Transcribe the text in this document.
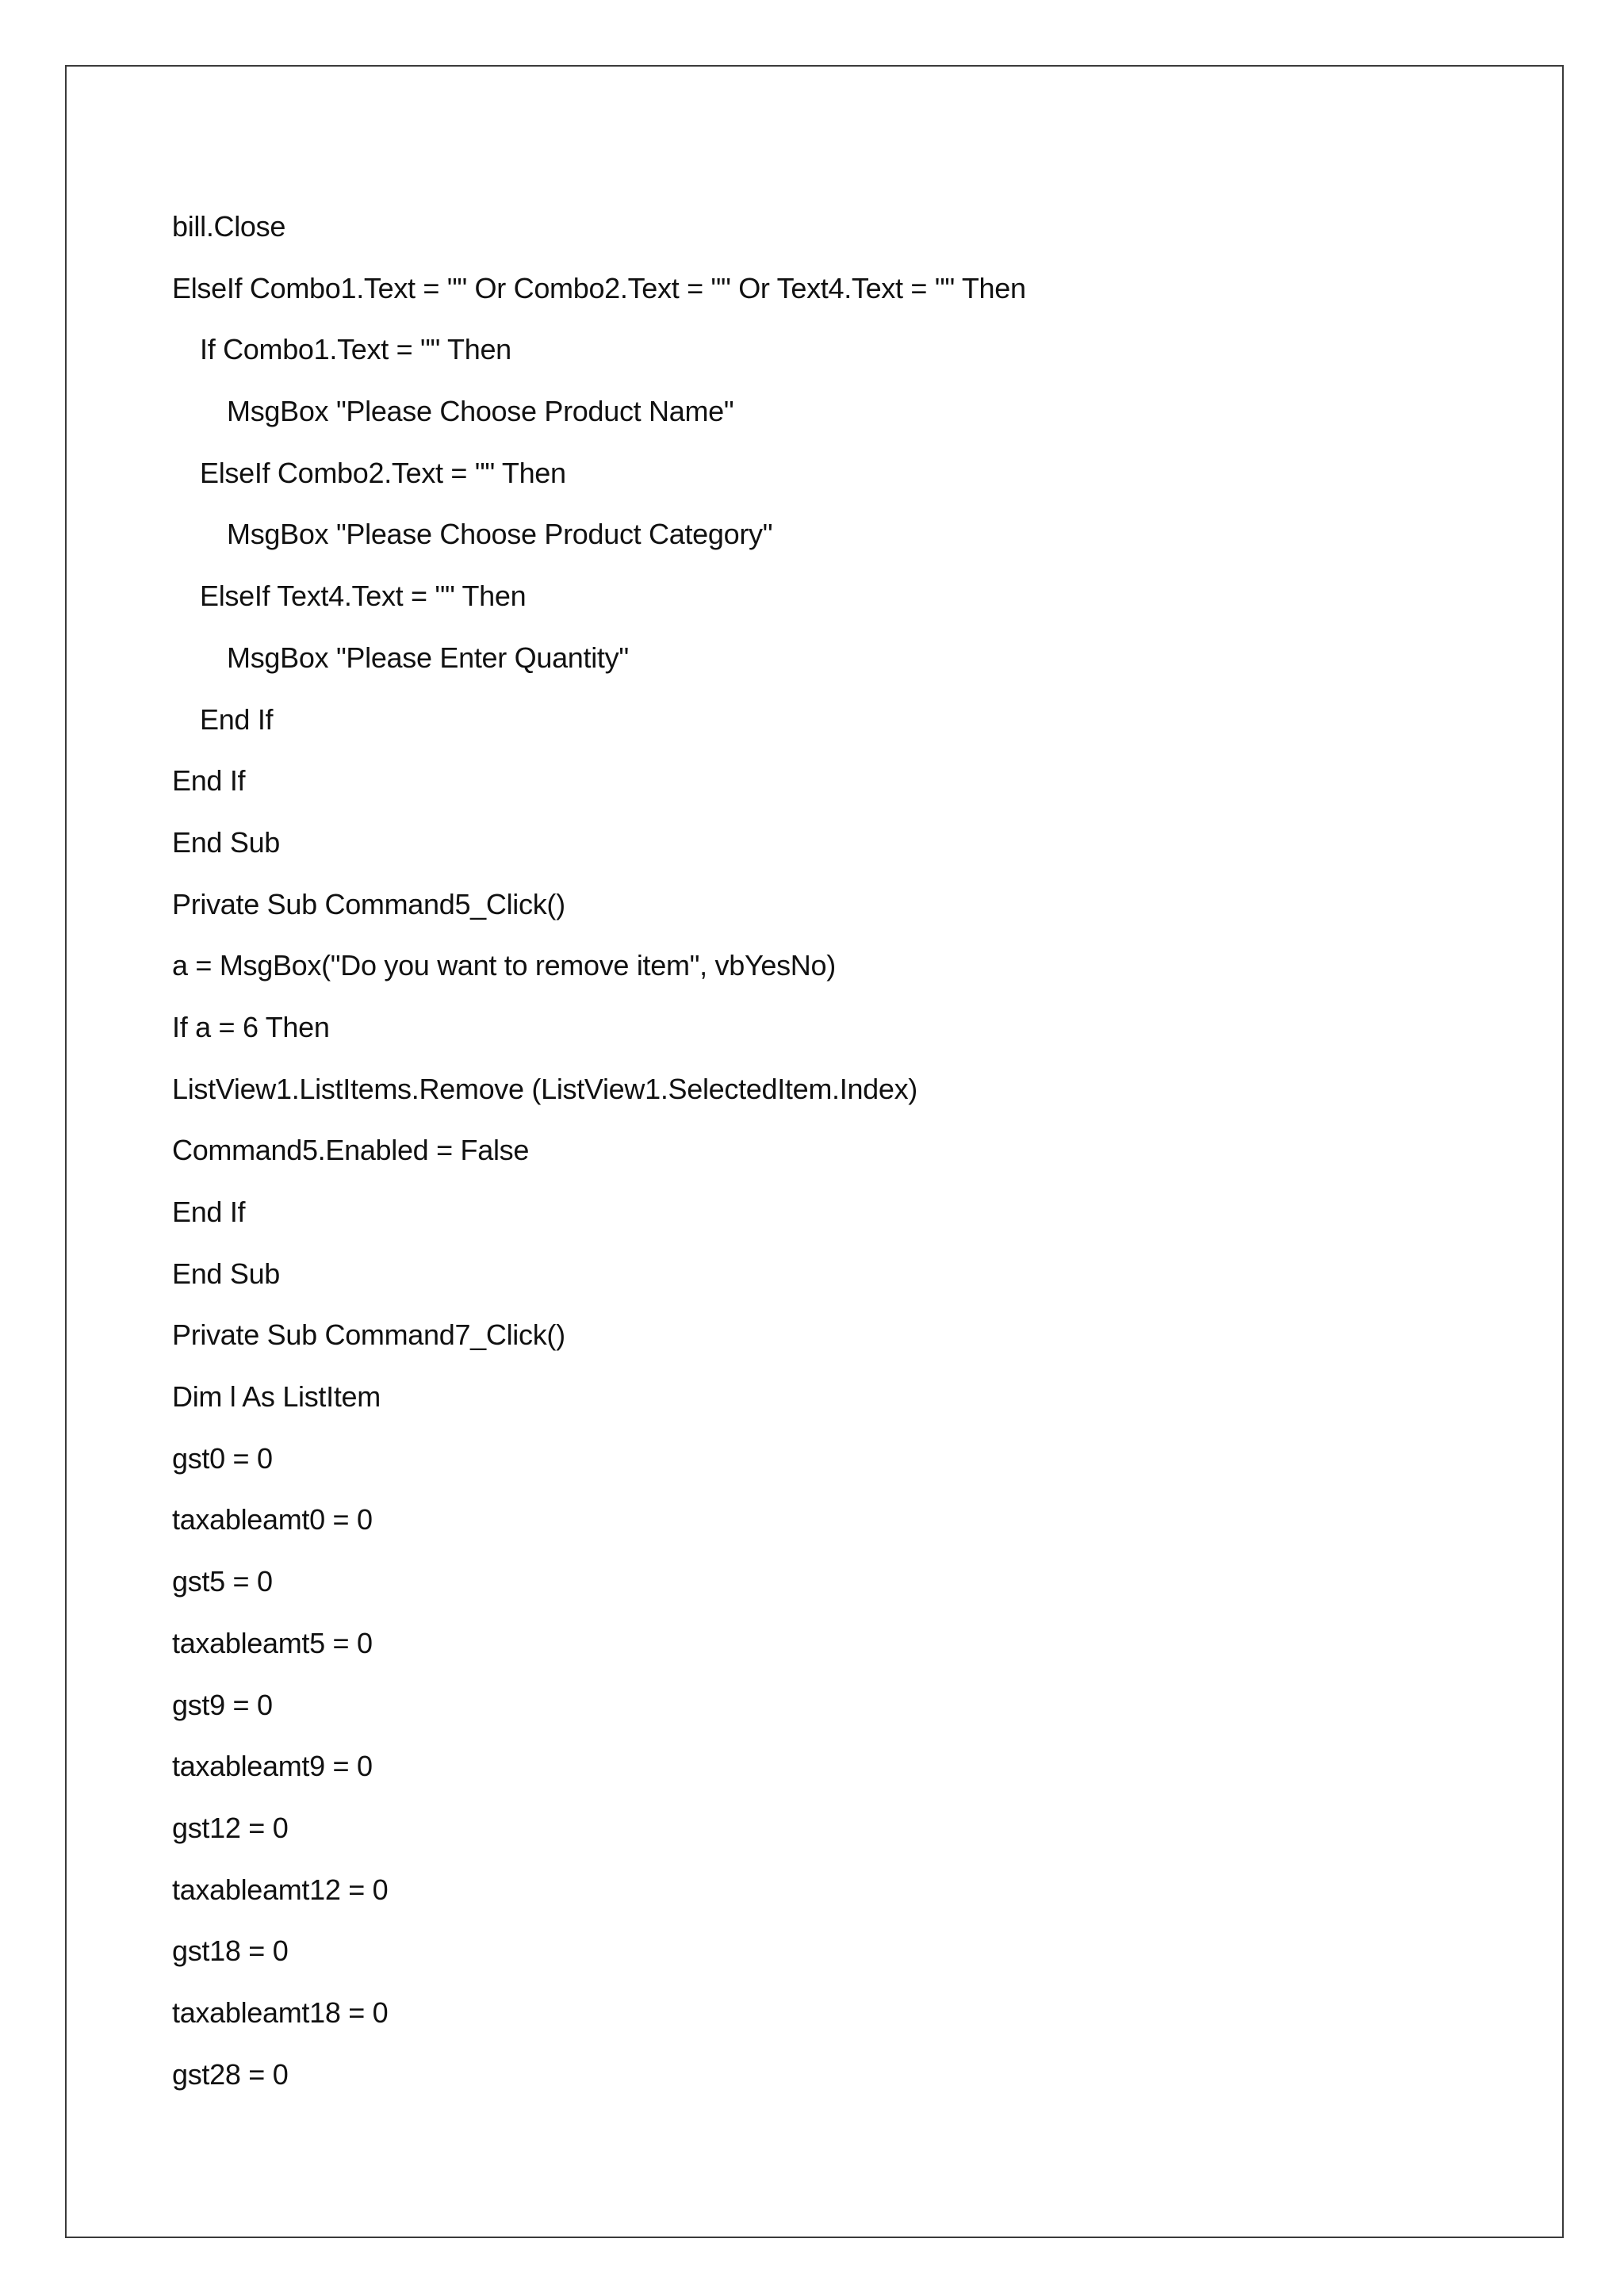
bill.Close
ElseIf Combo1.Text = "" Or Combo2.Text = "" Or Text4.Text = "" Then
If Combo1.Text = "" Then
MsgBox "Please Choose Product Name"
ElseIf Combo2.Text = "" Then
MsgBox "Please Choose Product Category"
ElseIf Text4.Text = "" Then
MsgBox "Please Enter Quantity"
End If
End If
End Sub
Private Sub Command5_Click()
a = MsgBox("Do you want to remove item", vbYesNo)
If a = 6 Then
ListView1.ListItems.Remove (ListView1.SelectedItem.Index)
Command5.Enabled = False
End If
End Sub
Private Sub Command7_Click()
Dim l As ListItem
gst0 = 0
taxableamt0 = 0
gst5 = 0
taxableamt5 = 0
gst9 = 0
taxableamt9 = 0
gst12 = 0
taxableamt12 = 0
gst18 = 0
taxableamt18 = 0
gst28 = 0
